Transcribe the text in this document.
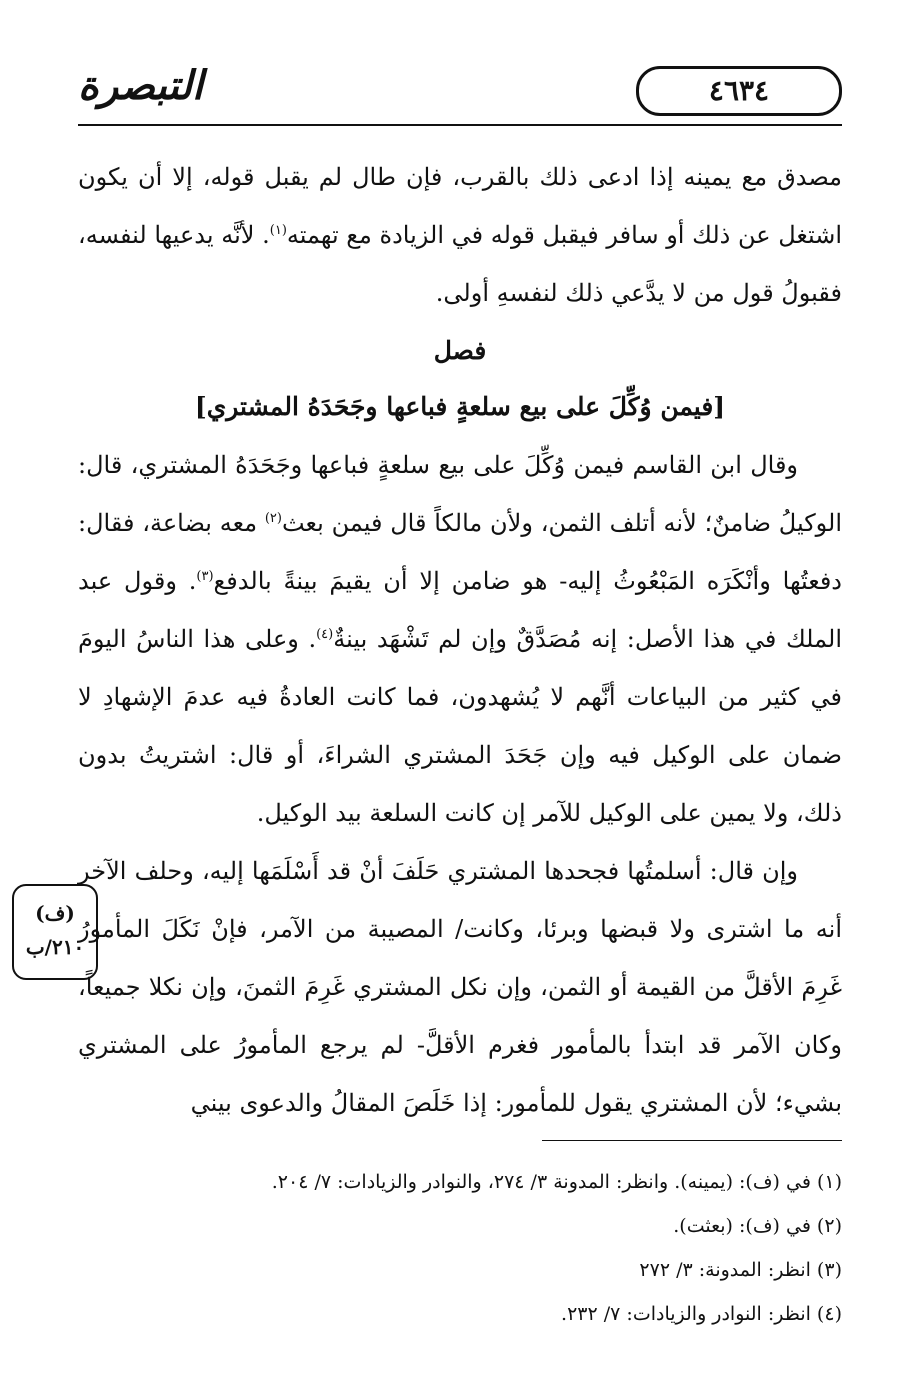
التبصرة	٤٦٣٤

مصدق مع يمينه إذا ادعى ذلك بالقرب، فإن طال لم يقبل قوله، إلا أن يكون اشتغل عن ذلك أو سافر فيقبل قوله في الزيادة مع تهمته$^{(١)}$. لأنَّه يدعيها لنفسه، فقبولُ قول من لا يدَّعي ذلك لنفسهِ أولى.

فصل
[فيمن وُكِّلَ على بيع سلعةٍ فباعها وجَحَدَهُ المشتري]

وقال ابن القاسم فيمن وُكِّلَ على بيع سلعةٍ فباعها وجَحَدَهُ المشتري، قال: الوكيلُ ضامنٌ؛ لأنه أتلف الثمن، ولأن مالكاً قال فيمن بعث$^{(٢)}$ معه بضاعة، فقال: دفعتُها وأنْكَرَه المَبْعُوثُ إليه- هو ضامن إلا أن يقيمَ بينةً بالدفع$^{(٣)}$. وقول عبد الملك في هذا الأصل: إنه مُصَدَّقٌ وإن لم تَشْهَد بينةٌ$^{(٤)}$. وعلى هذا الناسُ اليومَ في كثير من البياعات أنَّهم لا يُشهدون، فما كانت العادةُ فيه عدمَ الإشهادِ لا ضمان على الوكيل فيه وإن جَحَدَ المشتري الشراءَ، أو قال: اشتريتُ بدون ذلك، ولا يمين على الوكيل للآمر إن كانت السلعة بيد الوكيل.

وإن قال: أسلمتُها فجحدها المشتري حَلَفَ أنْ قد أَسْلَمَها إليه، وحلف الآخر أنه ما اشترى ولا قبضها وبرئا، وكانت/ المصيبة من الآمر، فإنْ نَكَلَ المأمورُ غَرِمَ الأقلَّ من القيمة أو الثمن، وإن نكل المشتري غَرِمَ الثمنَ، وإن نكلا جميعاً، وكان الآمر قد ابتدأ بالمأمور فغرم الأقلَّ- لم يرجع المأمورُ على المشتري بشيء؛ لأن المشتري يقول للمأمور: إذا خَلَصَ المقالُ والدعوى بيني

(ف)
٢١٠/ب
(١) في (ف): (يمينه). وانظر: المدونة ٣/ ٢٧٤، والنوادر والزيادات: ٧/ ٢٠٤.
(٢) في (ف): (بعثت).
(٣) انظر: المدونة: ٣/ ٢٧٢
(٤) انظر: النوادر والزيادات: ٧/ ٢٣٢.
